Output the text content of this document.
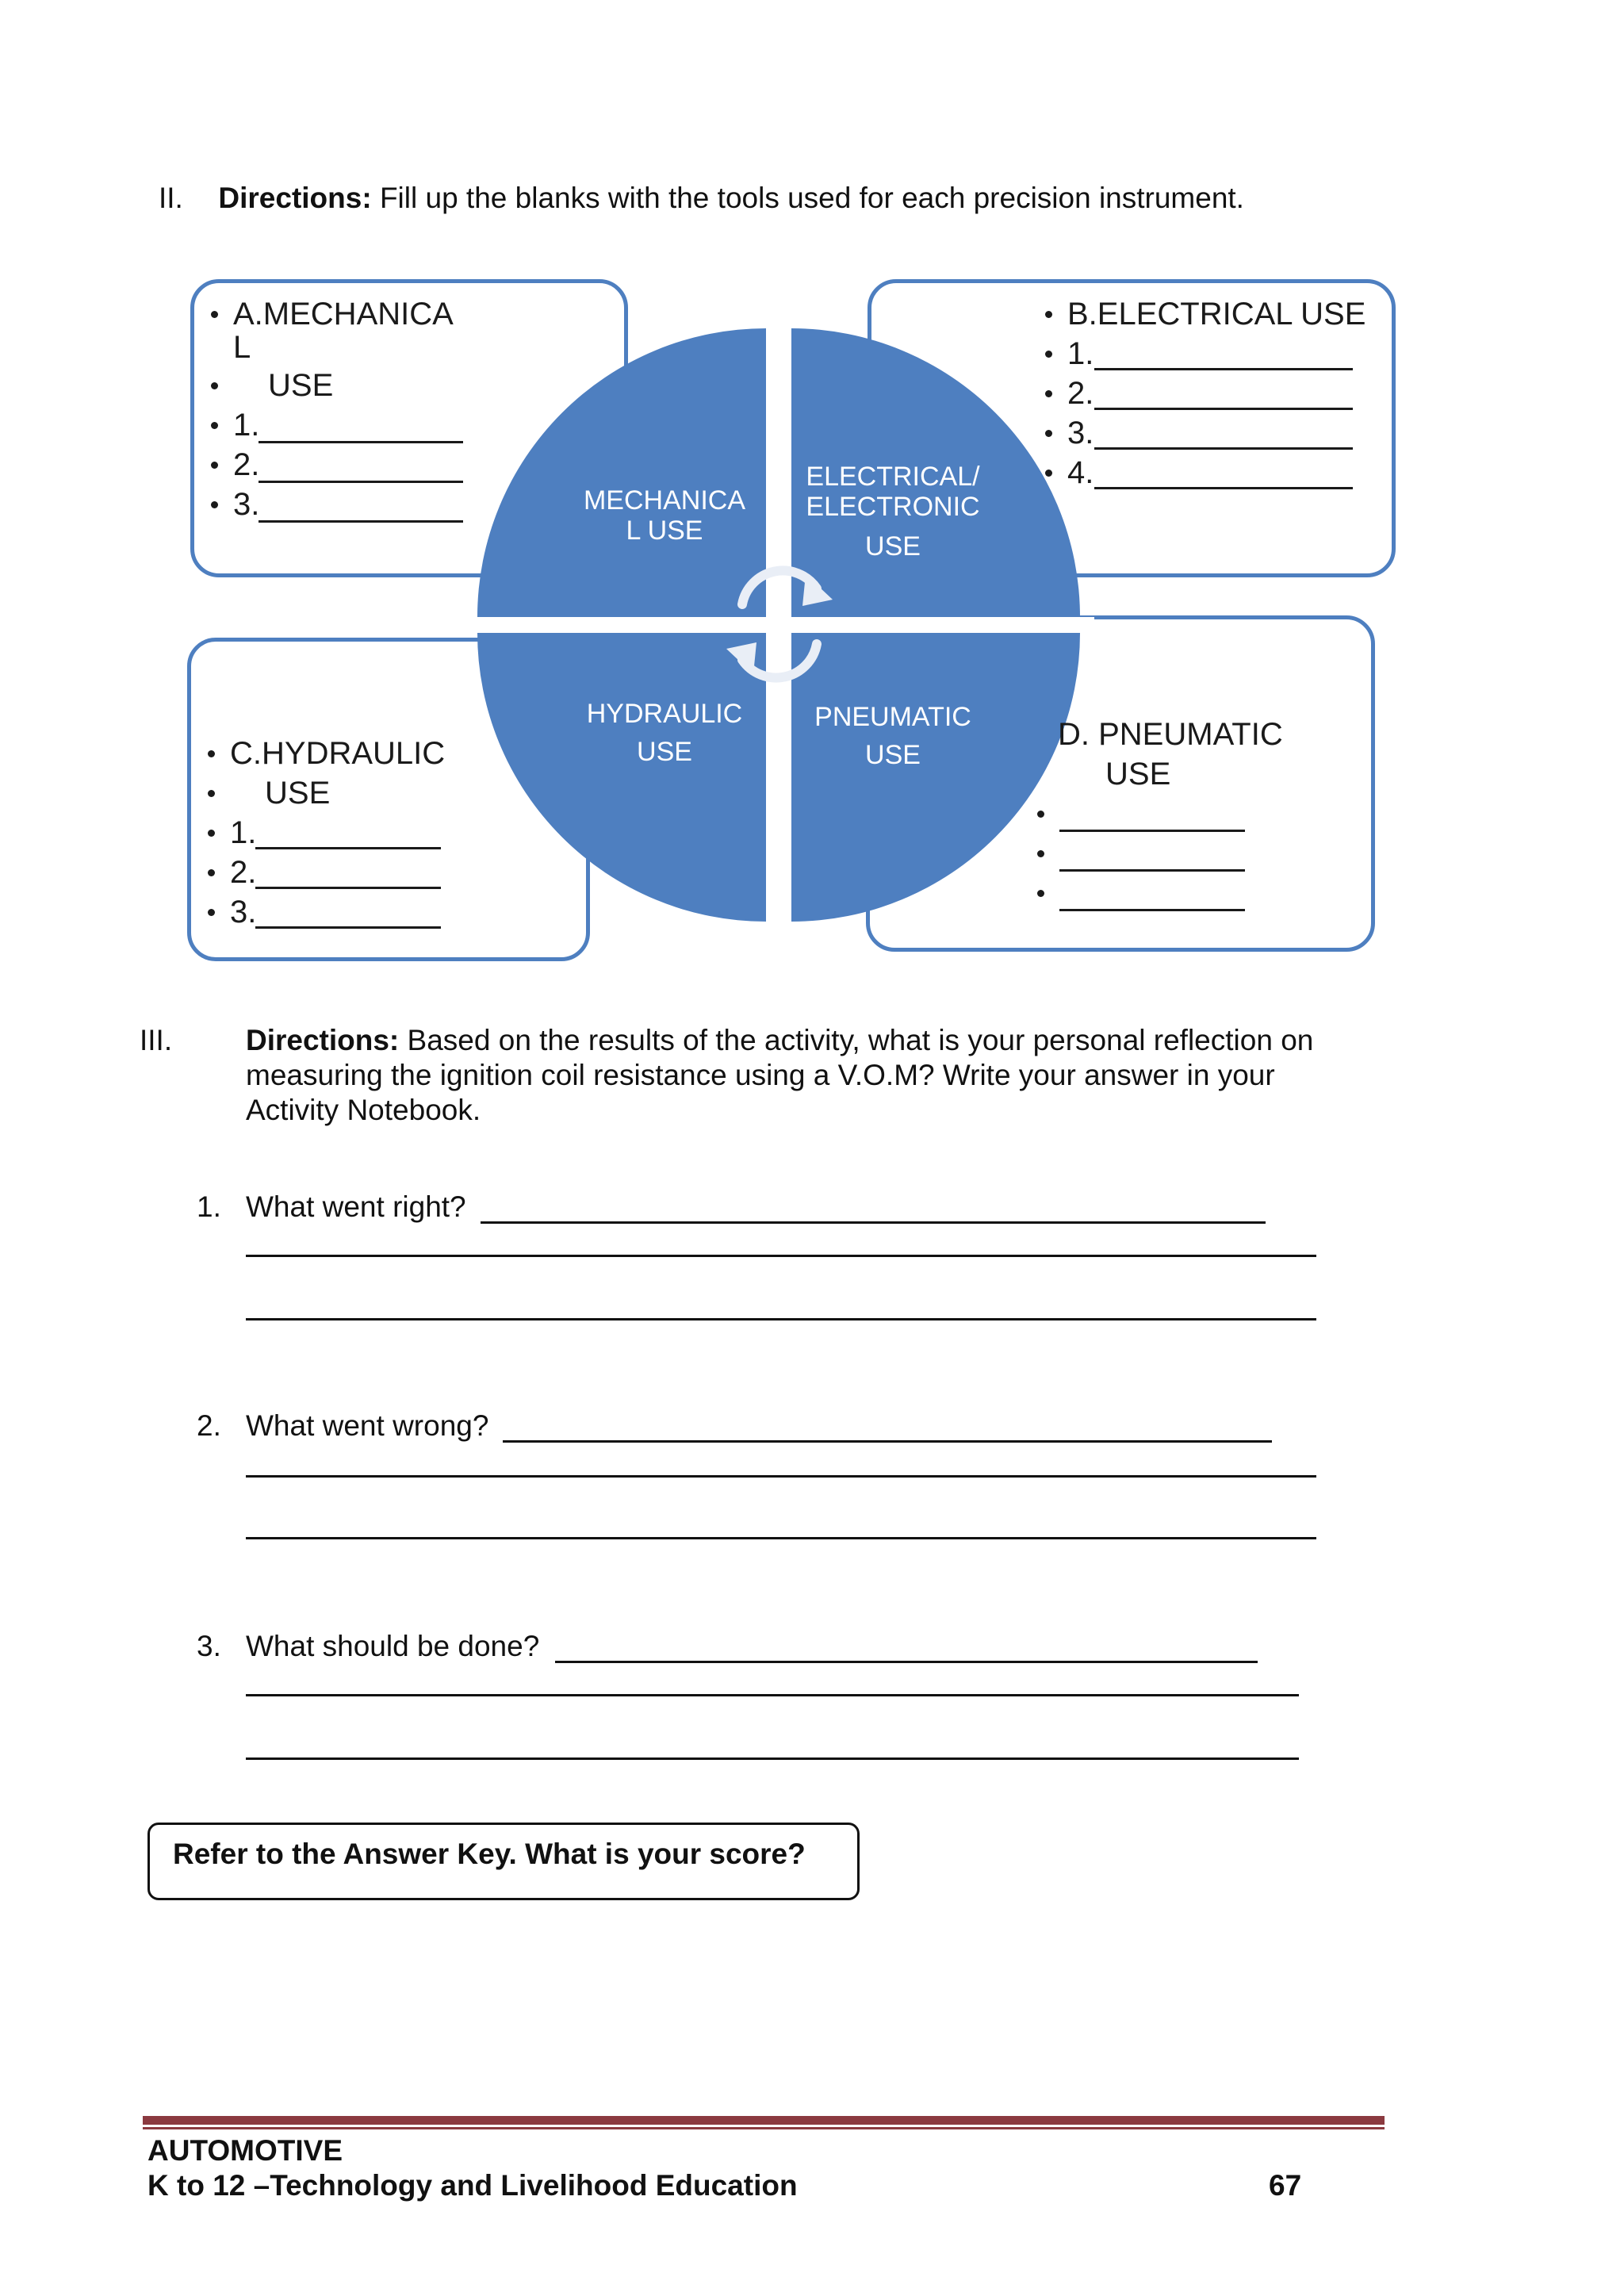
II. Directions: Fill up the blanks with the tools used for each precision instrument.
MECHANICA
L USE
ELECTRICAL/
ELECTRONIC
USE
HYDRAULIC
USE
PNEUMATIC
USE
A.MECHANICA
L
USE
1.
2.
3.
B.ELECTRICAL USE
1.
2.
3.
4.
C.HYDRAULIC
USE
1.
2.
3.
D. PNEUMATIC
USE
III.	Directions: Based on the results of the activity, what is your personal reflection on
measuring the ignition coil resistance using a V.O.M? Write your answer in your
Activity Notebook.
1. What went right?
2. What went wrong?
3. What should be done?
Refer to the Answer Key. What is your score?
AUTOMOTIVE
K to 12 –Technology and Livelihood Education	67
